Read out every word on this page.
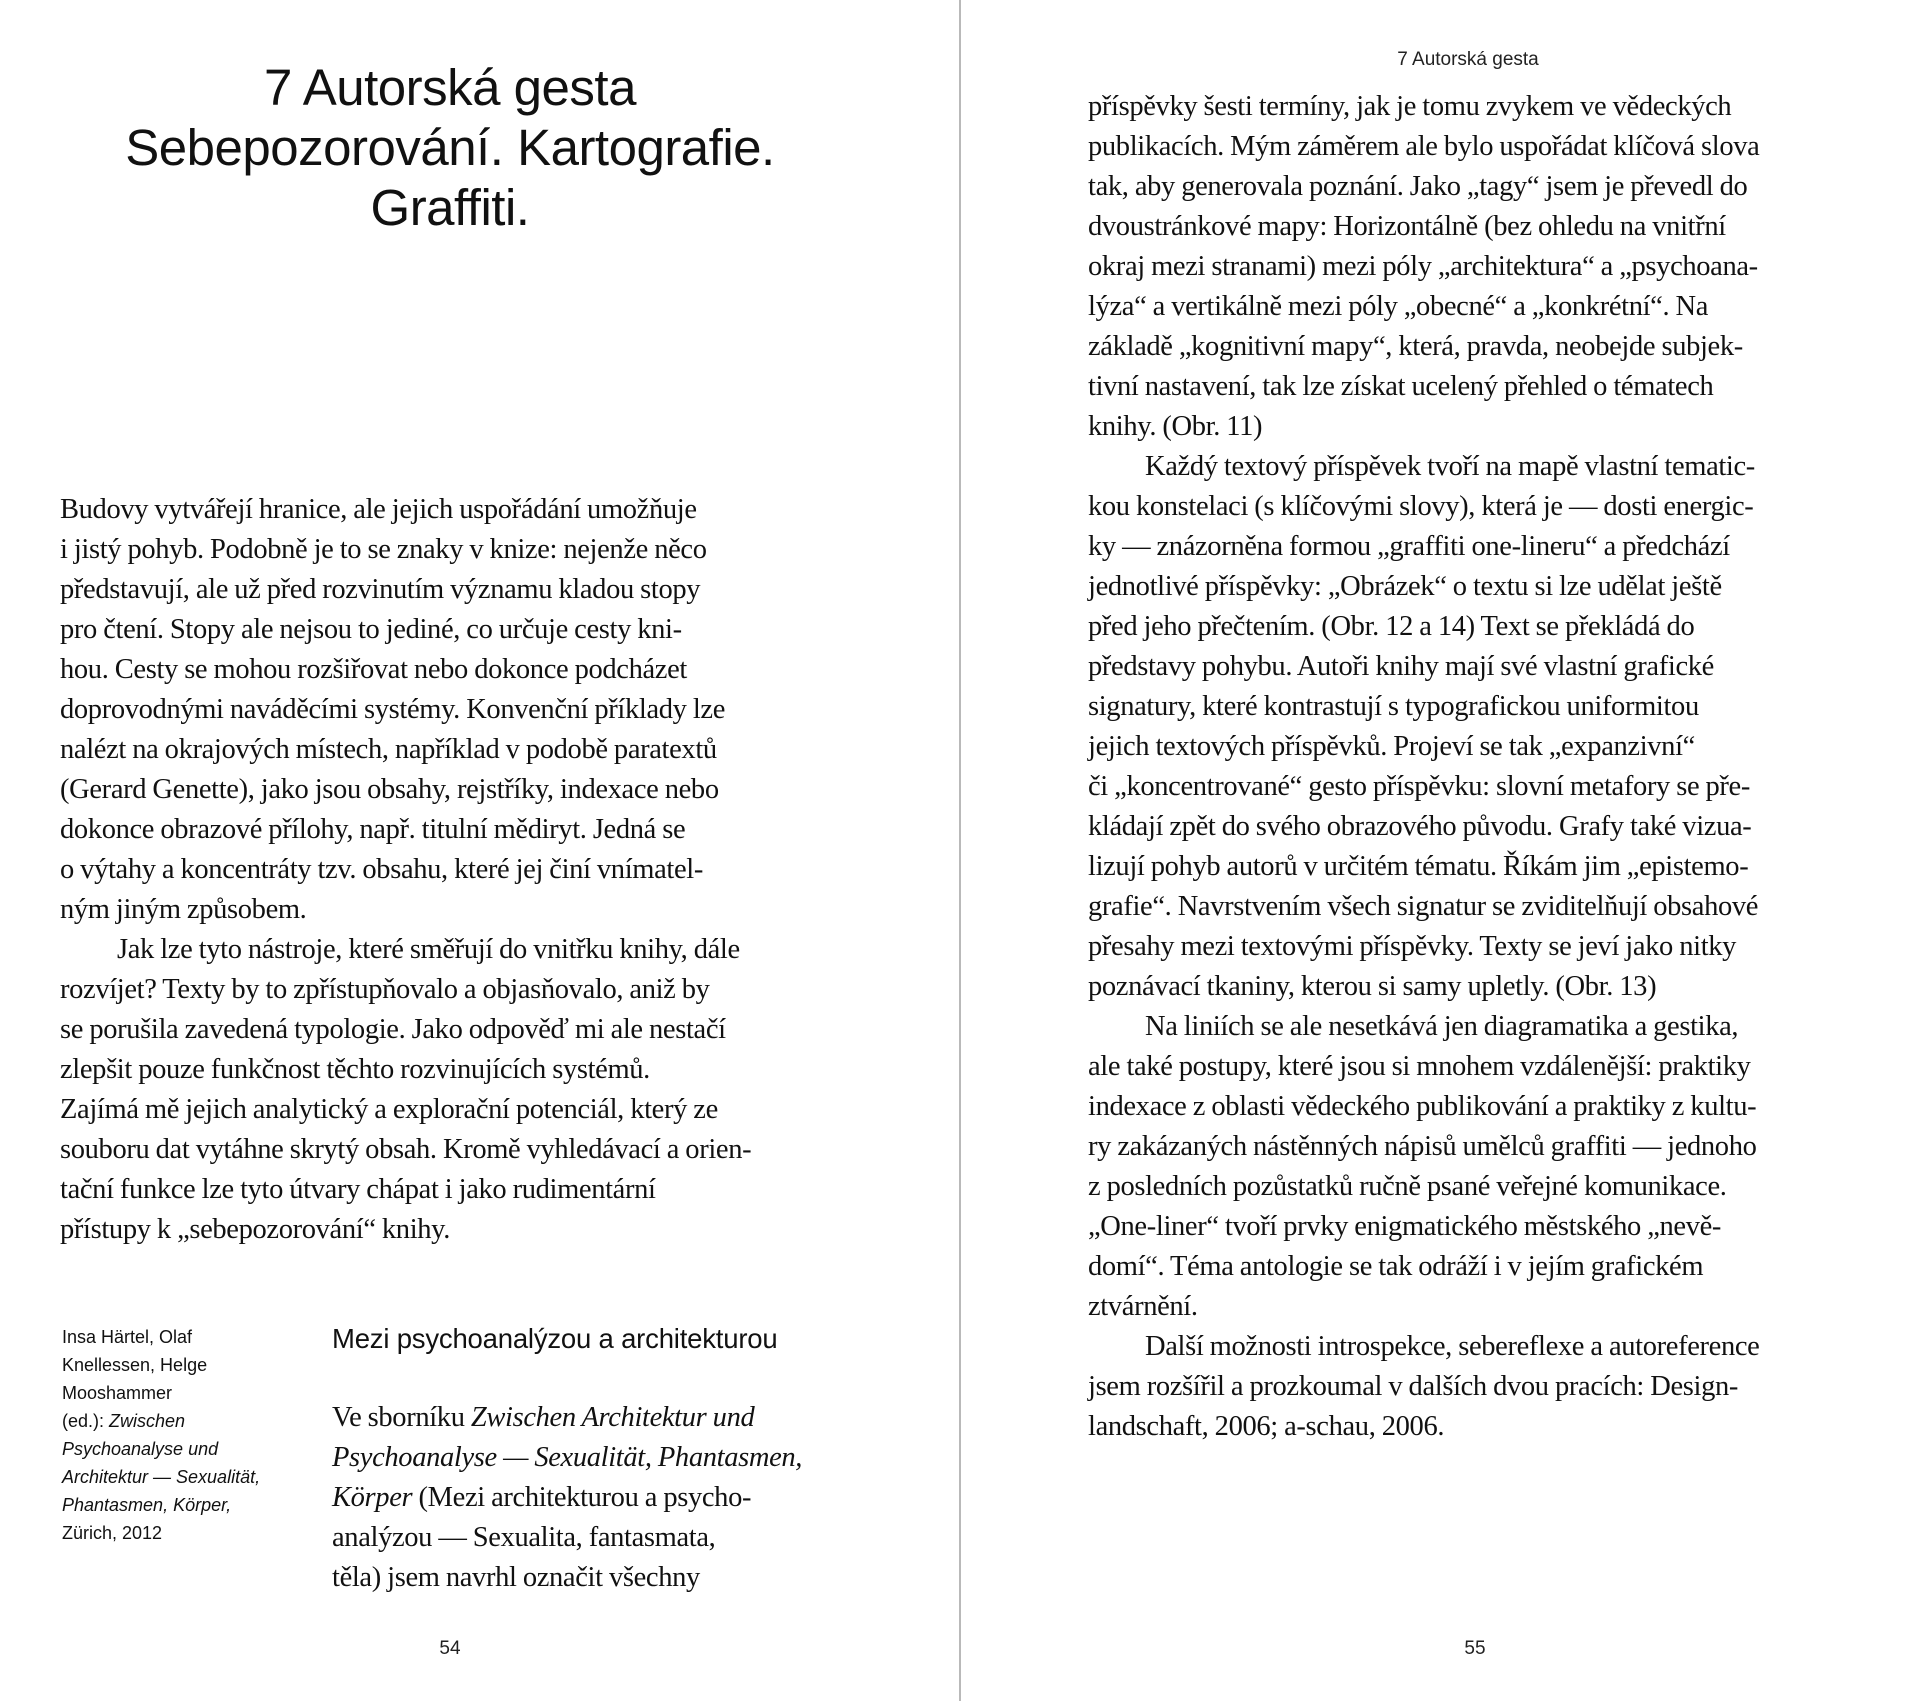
7 Autorská gesta
Sebepozorování. Kartografie.
Graffiti.
Budovy vytvářejí hranice, ale jejich uspořádání umožňuje
i jistý pohyb. Podobně je to se znaky v knize: nejenže něco
představují, ale už před rozvinutím významu kladou stopy
pro čtení. Stopy ale nejsou to jediné, co určuje cesty kni-
hou. Cesty se mohou rozšiřovat nebo dokonce podcházet
doprovodnými naváděcími systémy. Konvenční příklady lze
nalézt na okrajových místech, například v podobě paratextů
(Gerard Genette), jako jsou obsahy, rejstříky, indexace nebo
dokonce obrazové přílohy, např. titulní mědiryt. Jedná se
o výtahy a koncentráty tzv. obsahu, které jej činí vnímatel-
ným jiným způsobem.
Jak lze tyto nástroje, které směřují do vnitřku knihy, dále
rozvíjet? Texty by to zpřístupňovalo a objasňovalo, aniž by
se porušila zavedená typologie. Jako odpověď mi ale nestačí
zlepšit pouze funkčnost těchto rozvinujících systémů.
Zajímá mě jejich analytický a explorační potenciál, který ze
souboru dat vytáhne skrytý obsah. Kromě vyhledávací a orien-
tační funkce lze tyto útvary chápat i jako rudimentární
přístupy k „sebepozorování“ knihy.
Insa Härtel, Olaf
Knellessen, Helge
Mooshammer
(ed.): Zwischen
Psychoanalyse und
Architektur — Sexualität,
Phantasmen, Körper,
Zürich, 2012
Mezi psychoanalýzou a architekturou
Ve sborníku Zwischen Architektur und
Psychoanalyse — Sexualität, Phantasmen,
Körper (Mezi architekturou a psycho-
analýzou — Sexualita, fantasmata,
těla) jsem navrhl označit všechny
54
7 Autorská gesta
příspěvky šesti termíny, jak je tomu zvykem ve vědeckých
publikacích. Mým záměrem ale bylo uspořádat klíčová slova
tak, aby generovala poznání. Jako „tagy“ jsem je převedl do
dvoustránkové mapy: Horizontálně (bez ohledu na vnitřní
okraj mezi stranami) mezi póly „architektura“ a „psychoana-
lýza“ a vertikálně mezi póly „obecné“ a „konkrétní“. Na
základě „kognitivní mapy“, která, pravda, neobejde subjek-
tivní nastavení, tak lze získat ucelený přehled o tématech
knihy. (Obr. 11)
Každý textový příspěvek tvoří na mapě vlastní tematic-
kou konstelaci (s klíčovými slovy), která je — dosti energic-
ky — znázorněna formou „graffiti one-lineru“ a předchází
jednotlivé příspěvky: „Obrázek“ o textu si lze udělat ještě
před jeho přečtením. (Obr. 12 a 14) Text se překládá do
představy pohybu. Autoři knihy mají své vlastní grafické
signatury, které kontrastují s typografickou uniformitou
jejich textových příspěvků. Projeví se tak „expanzivní“
či „koncentrované“ gesto příspěvku: slovní metafory se pře-
kládají zpět do svého obrazového původu. Grafy také vizua-
lizují pohyb autorů v určitém tématu. Říkám jim „epistemo-
grafie“. Navrstvením všech signatur se zviditelňují obsahové
přesahy mezi textovými příspěvky. Texty se jeví jako nitky
poznávací tkaniny, kterou si samy upletly. (Obr. 13)
Na liniích se ale nesetkává jen diagramatika a gestika,
ale také postupy, které jsou si mnohem vzdálenější: praktiky
indexace z oblasti vědeckého publikování a praktiky z kultu-
ry zakázaných nástěnných nápisů umělců graffiti — jednoho
z posledních pozůstatků ručně psané veřejné komunikace.
„One-liner“ tvoří prvky enigmatického městského „nevě-
domí“. Téma antologie se tak odráží i v jejím grafickém
ztvárnění.
Další možnosti introspekce, sebereflexe a autoreference
jsem rozšířil a prozkoumal v dalších dvou pracích: Design-
landschaft, 2006; a-schau, 2006.
55
